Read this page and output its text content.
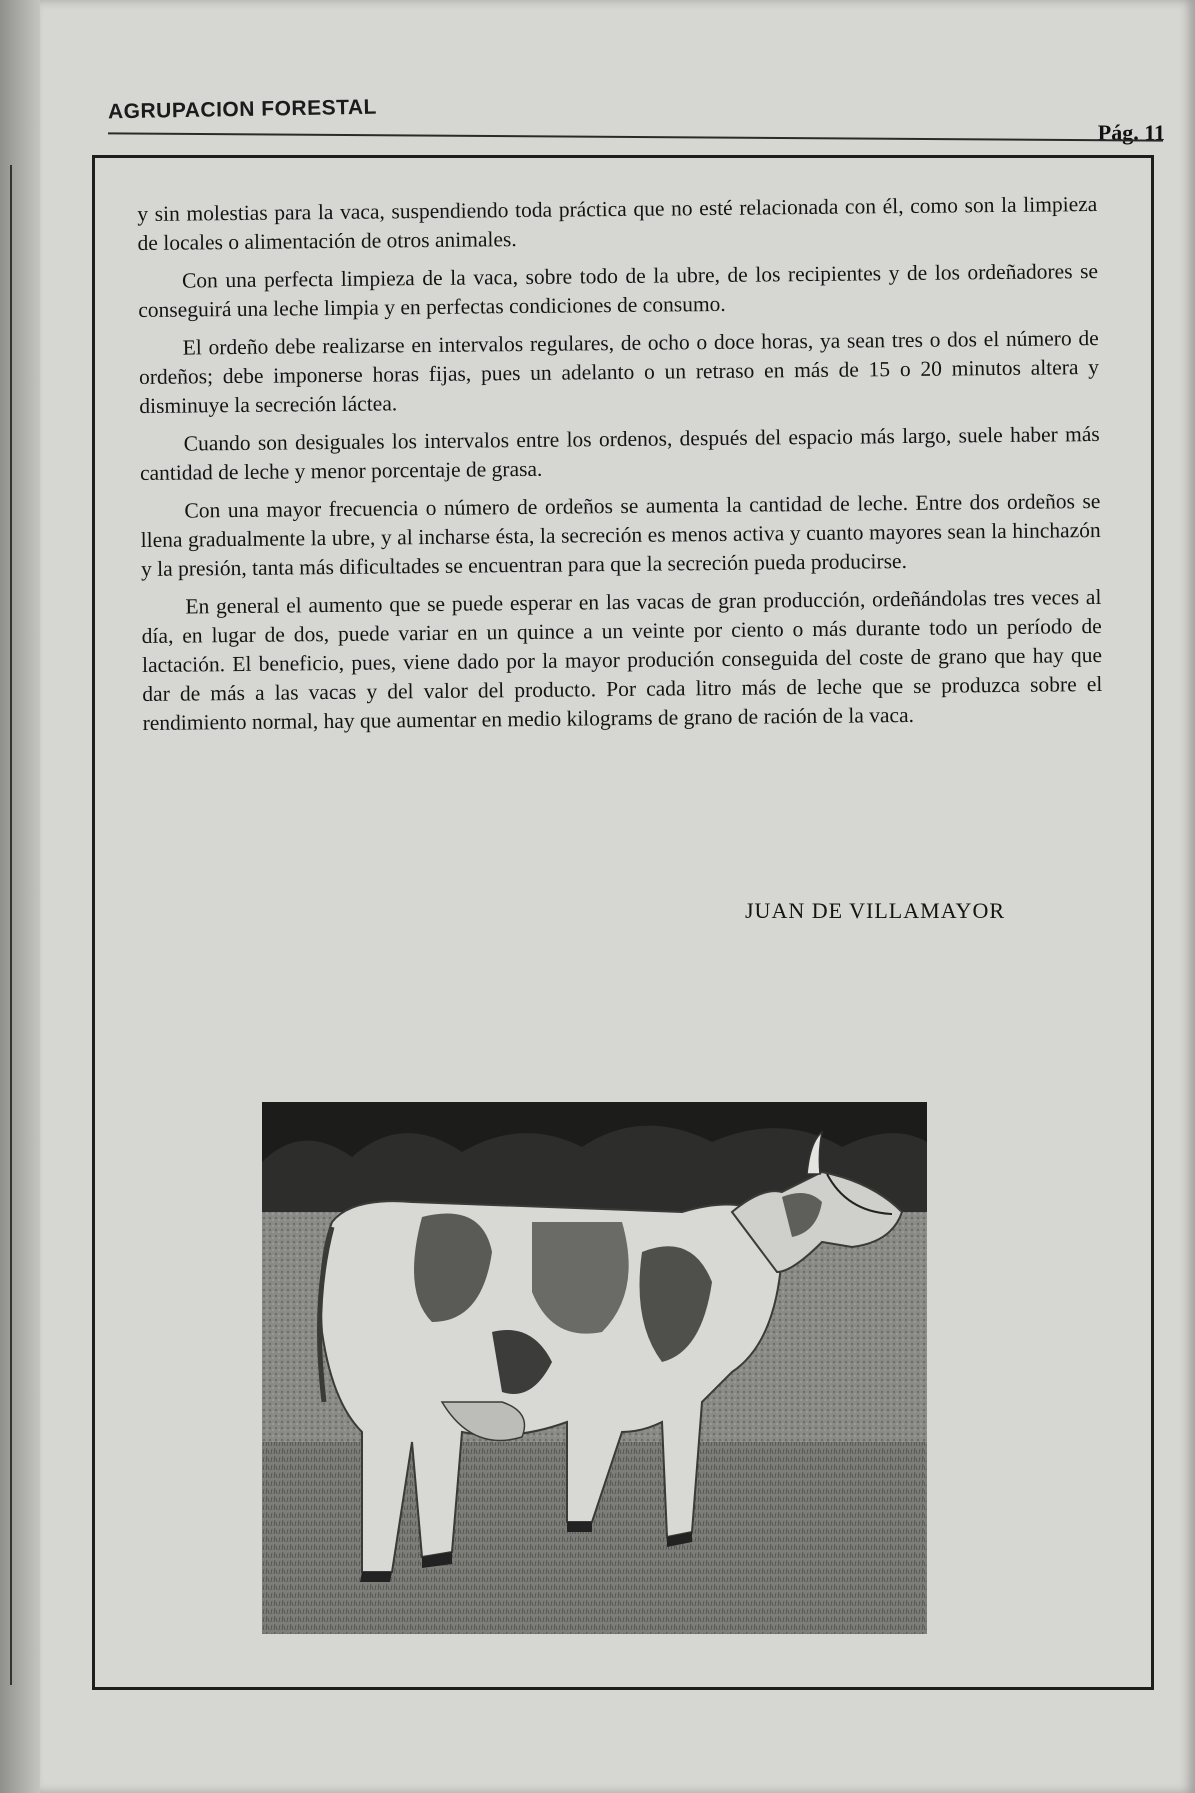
AGRUPACION FORESTAL
Pág. 11

y sin molestias para la vaca, suspendiendo toda práctica que no esté relacionada con él, como son la limpieza de locales o alimentación de otros animales.

Con una perfecta limpieza de la vaca, sobre todo de la ubre, de los recipientes y de los ordeñadores se conseguirá una leche limpia y en perfectas condiciones de consumo.

El ordeño debe realizarse en intervalos regulares, de ocho o doce horas, ya sean tres o dos el número de ordeños; debe imponerse horas fijas, pues un adelanto o un retraso en más de 15 o 20 minutos altera y disminuye la secreción láctea.

Cuando son desiguales los intervalos entre los ordenos, después del espacio más largo, suele haber más cantidad de leche y menor porcentaje de grasa.

Con una mayor frecuencia o número de ordeños se aumenta la cantidad de leche. Entre dos ordeños se llena gradualmente la ubre, y al incharse ésta, la secreción es menos activa y cuanto mayores sean la hinchazón y la presión, tanta más dificultades se encuentran para que la secreción pueda producirse.

En general el aumento que se puede esperar en las vacas de gran producción, ordeñándolas tres veces al día, en lugar de dos, puede variar en un quince a un veinte por ciento o más durante todo un período de lactación. El beneficio, pues, viene dado por la mayor produción conseguida del coste de grano que hay que dar de más a las vacas y del valor del producto. Por cada litro más de leche que se produzca sobre el rendimiento normal, hay que aumentar en medio kilograms de grano de ración de la vaca.

JUAN DE VILLAMAYOR
